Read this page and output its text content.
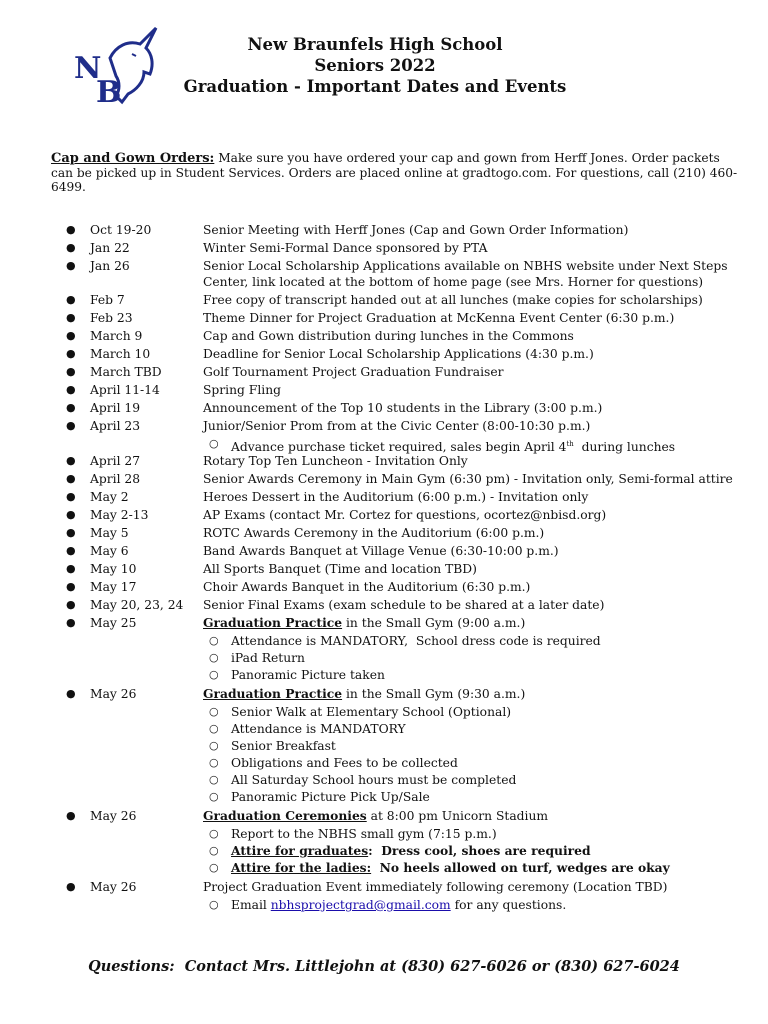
N
B
New Braunfels High School
Seniors 2022
Graduation - Important Dates and Events
Cap and Gown Orders: Make sure you have ordered your cap and gown from Herff Jones. Order packets can be picked up in Student Services. Orders are placed online at gradtogo.com. For questions, call (210) 460-6499.
● Oct 19-20	Senior Meeting with Herff Jones (Cap and Gown Order Information)
● Jan 22	Winter Semi-Formal Dance sponsored by PTA
● Jan 26	Senior Local Scholarship Applications available on NBHS website under Next Steps Center, link located at the bottom of home page (see Mrs. Horner for questions)
● Feb 7	Free copy of transcript handed out at all lunches (make copies for scholarships)
● Feb 23	Theme Dinner for Project Graduation at McKenna Event Center (6:30 p.m.)
● March 9	Cap and Gown distribution during lunches in the Commons
● March 10	Deadline for Senior Local Scholarship Applications (4:30 p.m.)
● March TBD	Golf Tournament Project Graduation Fundraiser
● April 11-14	Spring Fling
● April 19	Announcement of the Top 10 students in the Library (3:00 p.m.)
● April 23	Junior/Senior Prom from at the Civic Center (8:00-10:30 p.m.)
○ Advance purchase ticket required, sales begin April 4th  during lunches
● April 27	Rotary Top Ten Luncheon - Invitation Only
● April 28	Senior Awards Ceremony in Main Gym (6:30 pm) - Invitation only, Semi-formal attire
● May 2	Heroes Dessert in the Auditorium (6:00 p.m.) - Invitation only
● May 2-13	AP Exams (contact Mr. Cortez for questions, ocortez@nbisd.org)
● May 5	ROTC Awards Ceremony in the Auditorium (6:00 p.m.)
● May 6	Band Awards Banquet at Village Venue (6:30-10:00 p.m.)
● May 10	All Sports Banquet (Time and location TBD)
● May 17	Choir Awards Banquet in the Auditorium (6:30 p.m.)
● May 20, 23, 24 Senior Final Exams (exam schedule to be shared at a later date)
● May 25	Graduation Practice in the Small Gym (9:00 a.m.)
○ Attendance is MANDATORY,  School dress code is required
○ iPad Return
○ Panoramic Picture taken
● May 26	Graduation Practice in the Small Gym (9:30 a.m.)
○ Senior Walk at Elementary School (Optional)
○ Attendance is MANDATORY
○ Senior Breakfast
○ Obligations and Fees to be collected
○ All Saturday School hours must be completed
○ Panoramic Picture Pick Up/Sale
● May 26	Graduation Ceremonies at 8:00 pm Unicorn Stadium
○ Report to the NBHS small gym (7:15 p.m.)
○ Attire for graduates:  Dress cool, shoes are required
○ Attire for the ladies:  No heels allowed on turf, wedges are okay
● May 26	Project Graduation Event immediately following ceremony (Location TBD)
○ Email nbhsprojectgrad@gmail.com for any questions.
Questions:  Contact Mrs. Littlejohn at (830) 627-6026 or (830) 627-6024
